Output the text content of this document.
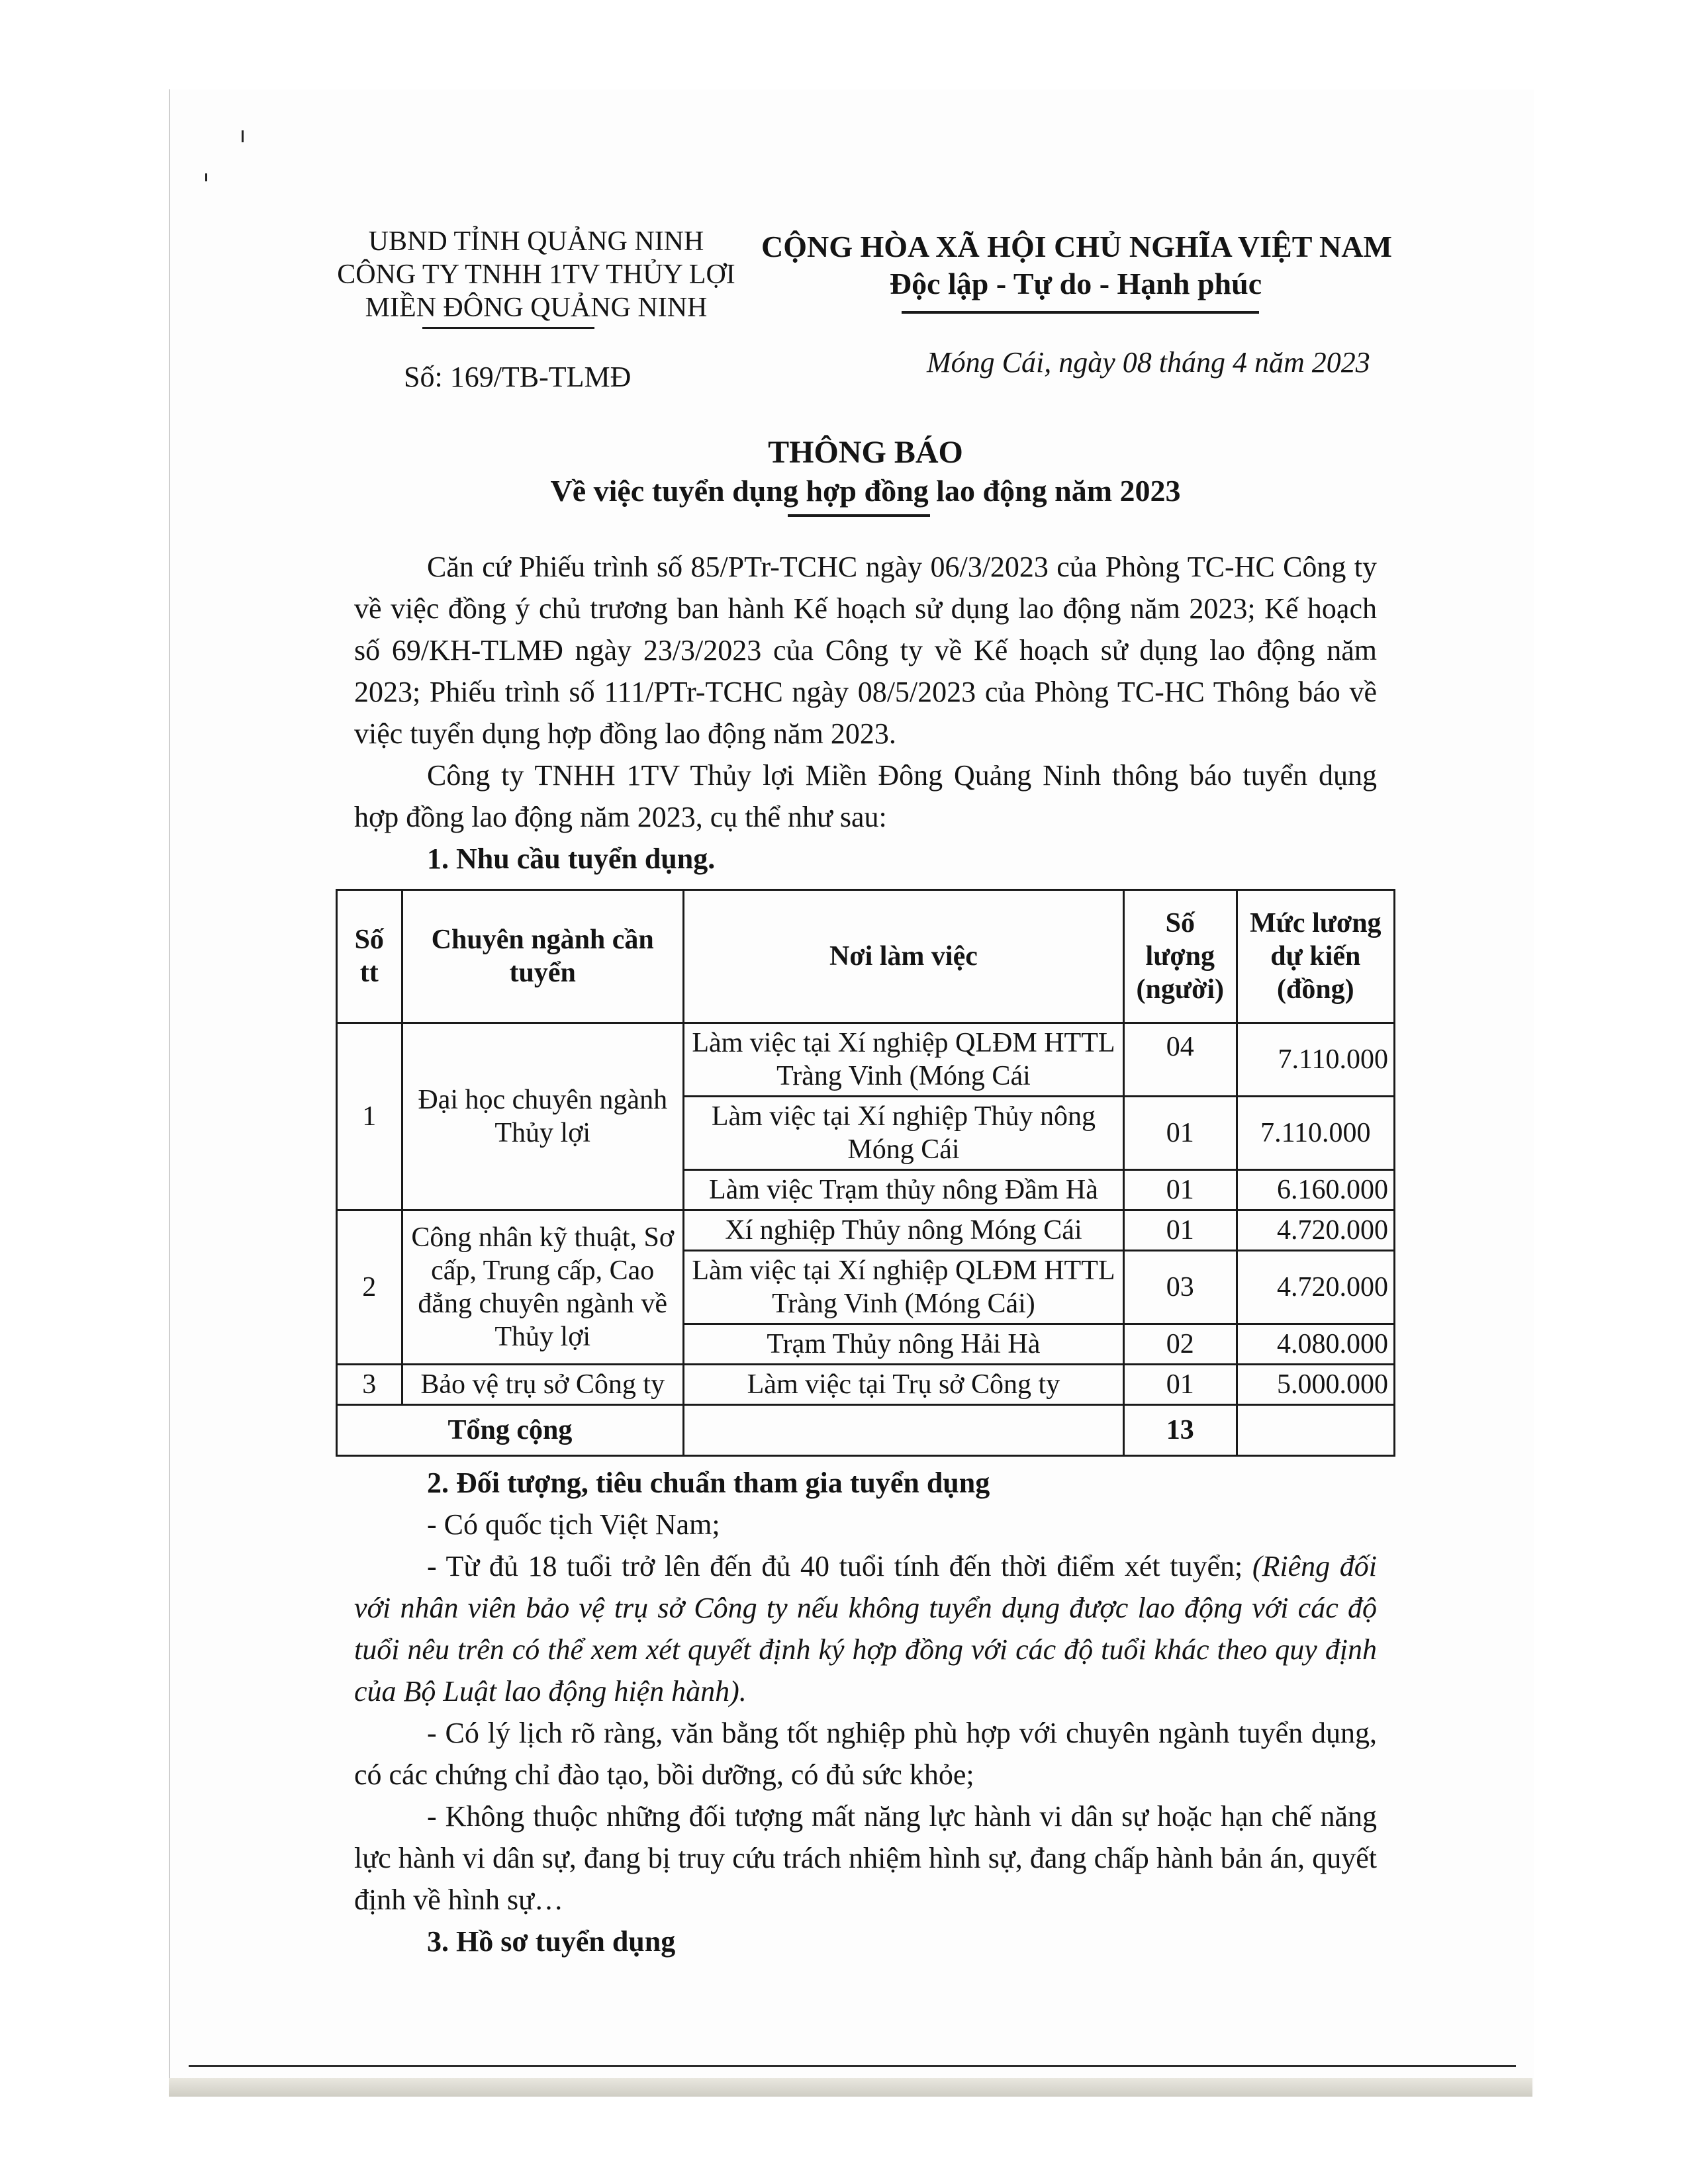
UBND TỈNH QUẢNG NINH
CÔNG TY TNHH 1TV THỦY LỢI
MIỀN ĐÔNG QUẢNG NINH
CỘNG HÒA XÃ HỘI CHỦ NGHĨA VIỆT NAM
Độc lập - Tự do - Hạnh phúc
Số: 169/TB-TLMĐ	Móng Cái, ngày 08 tháng 4 năm 2023
THÔNG BÁO
Về việc tuyển dụng hợp đồng lao động năm 2023
Căn cứ Phiếu trình số 85/PTr-TCHC ngày 06/3/2023 của Phòng TC-HC Công ty về việc đồng ý chủ trương ban hành Kế hoạch sử dụng lao động năm 2023; Kế hoạch số 69/KH-TLMĐ ngày 23/3/2023 của Công ty về Kế hoạch sử dụng lao động năm 2023; Phiếu trình số 111/PTr-TCHC ngày 08/5/2023 của Phòng TC-HC Thông báo về việc tuyển dụng hợp đồng lao động năm 2023.
Công ty TNHH 1TV Thủy lợi Miền Đông Quảng Ninh thông báo tuyển dụng hợp đồng lao động năm 2023, cụ thể như sau:
1. Nhu cầu tuyển dụng.
Số tt	Chuyên ngành cần tuyển	Nơi làm việc	Số lượng (người)	Mức lương dự kiến (đồng)
1	Đại học chuyên ngành Thủy lợi	Làm việc tại Xí nghiệp QLĐM HTTL Tràng Vinh (Móng Cái	04	7.110.000
		Làm việc tại Xí nghiệp Thủy nông Móng Cái	01	7.110.000
		Làm việc Trạm thủy nông Đầm Hà	01	6.160.000
2	Công nhân kỹ thuật, Sơ cấp, Trung cấp, Cao đẳng chuyên ngành về Thủy lợi	Xí nghiệp Thủy nông Móng Cái	01	4.720.000
		Làm việc tại Xí nghiệp QLĐM HTTL Tràng Vinh (Móng Cái)	03	4.720.000
		Trạm Thủy nông Hải Hà	02	4.080.000
3	Bảo vệ trụ sở Công ty	Làm việc tại Trụ sở Công ty	01	5.000.000
Tổng cộng			13	
2. Đối tượng, tiêu chuẩn tham gia tuyển dụng

- Có quốc tịch Việt Nam;

- Từ đủ 18 tuổi trở lên đến đủ 40 tuổi tính đến thời điểm xét tuyển; (Riêng đối với nhân viên bảo vệ trụ sở Công ty nếu không tuyển dụng được lao động với các độ tuổi nêu trên có thể xem xét quyết định ký hợp đồng với các độ tuổi khác theo quy định của Bộ Luật lao động hiện hành).

- Có lý lịch rõ ràng, văn bằng tốt nghiệp phù hợp với chuyên ngành tuyển dụng, có các chứng chỉ đào tạo, bồi dưỡng, có đủ sức khỏe;

- Không thuộc những đối tượng mất năng lực hành vi dân sự hoặc hạn chế năng lực hành vi dân sự, đang bị truy cứu trách nhiệm hình sự, đang chấp hành bản án, quyết định về hình sự…

3. Hồ sơ tuyển dụng
